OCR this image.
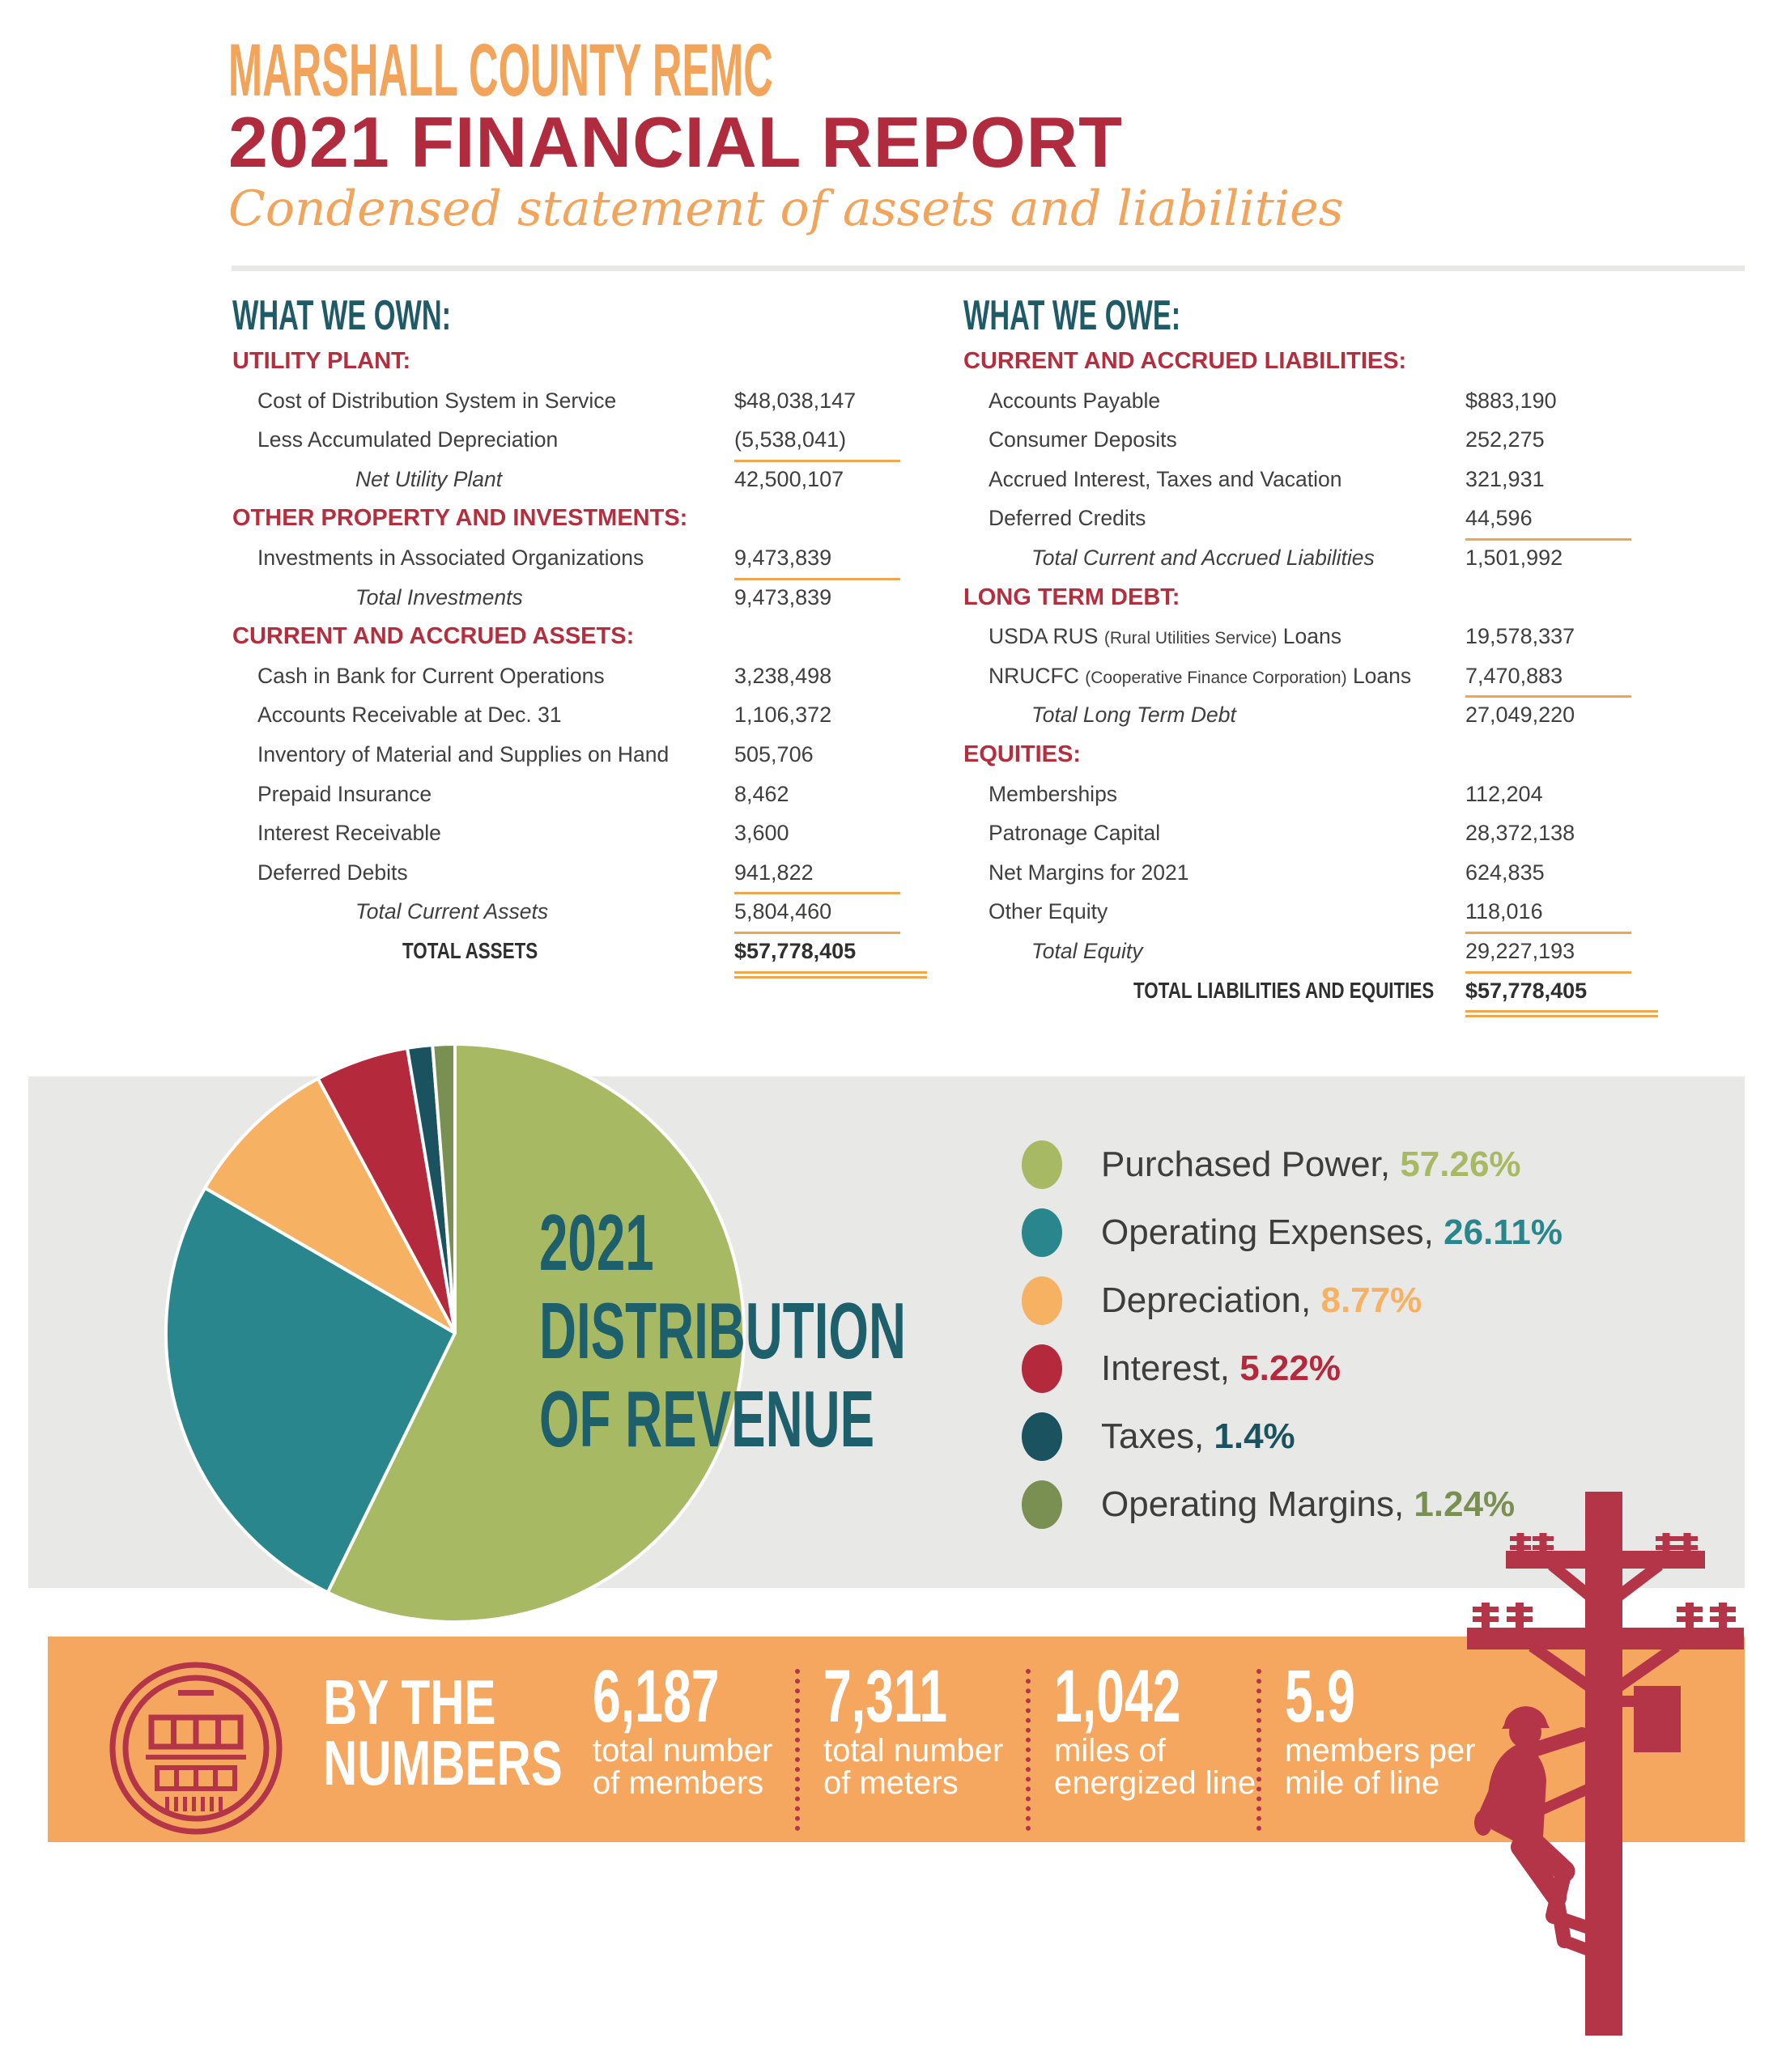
MARSHALL COUNTY REMC
2021 FINANCIAL REPORT
Condensed statement of assets and liabilities
WHAT WE OWN:
UTILITY PLANT:
Cost of Distribution System in Service	$48,038,147
Less Accumulated Depreciation	(5,538,041)
Net Utility Plant	42,500,107
OTHER PROPERTY AND INVESTMENTS:
Investments in Associated Organizations	9,473,839
Total Investments	9,473,839
CURRENT AND ACCRUED ASSETS:
Cash in Bank for Current Operations	3,238,498
Accounts Receivable at Dec. 31	1,106,372
Inventory of Material and Supplies on Hand	505,706
Prepaid Insurance	8,462
Interest Receivable	3,600
Deferred Debits	941,822
Total Current Assets	5,804,460
TOTAL ASSETS	$57,778,405
WHAT WE OWE:
CURRENT AND ACCRUED LIABILITIES:
Accounts Payable	$883,190
Consumer Deposits	252,275
Accrued Interest, Taxes and Vacation	321,931
Deferred Credits	44,596
Total Current and Accrued Liabilities	1,501,992
LONG TERM DEBT:
USDA RUS (Rural Utilities Service) Loans	19,578,337
NRUCFC (Cooperative Finance Corporation) Loans 7,470,883
Total Long Term Debt	27,049,220
EQUITIES:
Memberships	112,204
Patronage Capital	28,372,138
Net Margins for 2021	624,835
Other Equity	118,016
Total Equity	29,227,193
TOTAL LIABILITIES AND EQUITIES $57,778,405
2021
DISTRIBUTION
OF REVENUE
Purchased Power, 57.26%
Operating Expenses, 26.11%
Depreciation, 8.77%
Interest, 5.22%
Taxes, 1.4%
Operating Margins, 1.24%
BY THE
NUMBERS
6,187
total number
of members
7,311
total number
of meters
1,042
miles of
energized line
5.9
members per
mile of line
